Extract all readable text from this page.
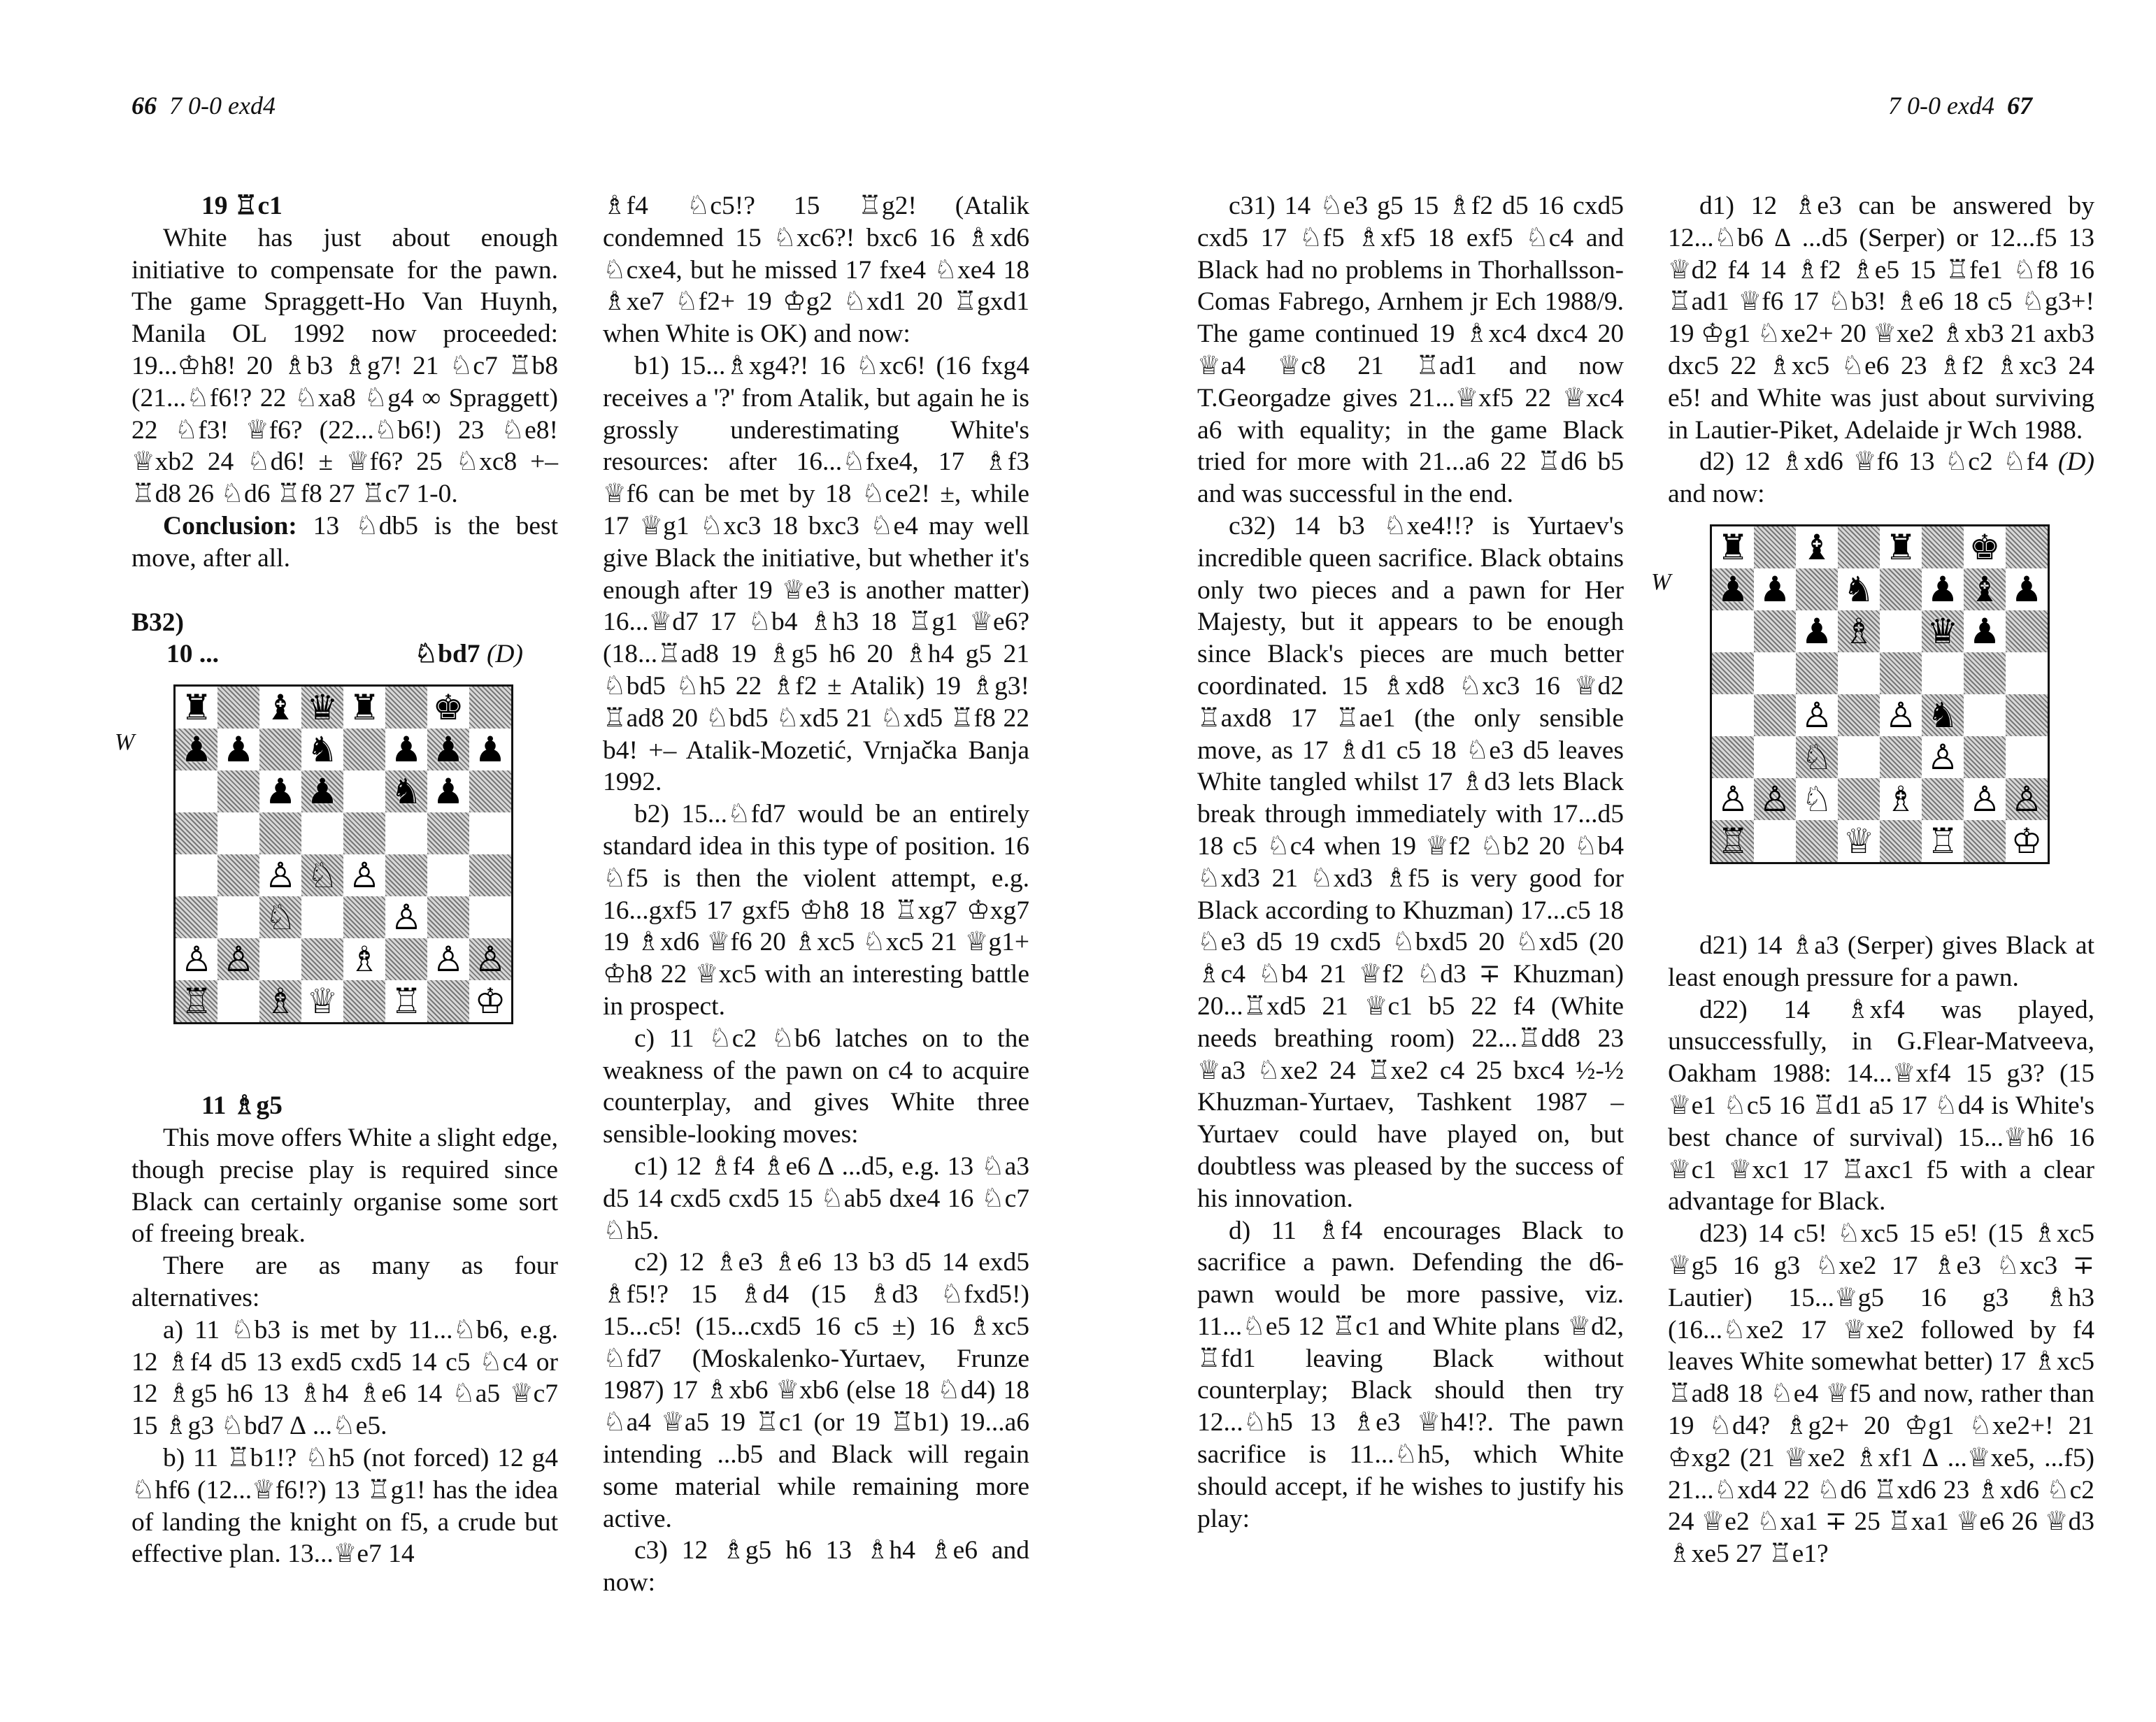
66 7 0-0 exd4	7 0-0 exd4 67

19 ♖c1

White has just about enough initiative to compensate for the pawn. The game Spraggett-Ho Van Huynh, Manila OL 1992 now proceeded: 19...♔h8! 20 ♗b3 ♗g7! 21 ♘c7 ♖b8 (21...♘f6!? 22 ♘xa8 ♘g4 ∞ Spraggett) 22 ♘f3! ♕f6? (22...♘b6!) 23 ♘e8! ♕xb2 24 ♘d6! ± ♕f6? 25 ♘xc8 +– ♖d8 26 ♘d6 ♖f8 27 ♖c7 1-0.

Conclusion: 13 ♘db5 is the best move, after all.

B32)

10 ...	♘bd7 (D)
W
♜ ♝ ♛ ♜ ♚
♟ ♟ ♞ ♟ ♟ ♟
♟ ♟ ♞ ♟
♙ ♘ ♙
♘	♙
♙ ♙	♗ ♙ ♙
♖ ♗ ♕ ♖ ♔

11 ♗g5

This move offers White a slight edge, though precise play is required since Black can certainly organise some sort of freeing break.

There are as many as four alternatives:

a) 11 ♘b3 is met by 11...♘b6, e.g. 12 ♗f4 d5 13 exd5 cxd5 14 c5 ♘c4 or 12 ♗g5 h6 13 ♗h4 ♗e6 14 ♘a5 ♕c7 15 ♗g3 ♘bd7 ∆ ...♘e5.

b) 11 ♖b1!? ♘h5 (not forced) 12 g4 ♘hf6 (12...♕f6!?) 13 ♖g1! has the idea of landing the knight on f5, a crude but effective plan. 13...♕e7 14

♗f4 ♘c5!? 15 ♖g2! (Atalik condemned 15 ♘xc6?! bxc6 16 ♗xd6 ♘cxe4, but he missed 17 fxe4 ♘xe4 18 ♗xe7 ♘f2+ 19 ♔g2 ♘xd1 20 ♖gxd1 when White is OK) and now:

b1) 15...♗xg4?! 16 ♘xc6! (16 fxg4 receives a '?' from Atalik, but again he is grossly underestimating White's resources: after 16...♘fxe4, 17 ♗f3 ♕f6 can be met by 18 ♘ce2! ±, while 17 ♕g1 ♘xc3 18 bxc3 ♘e4 may well give Black the initiative, but whether it's enough after 19 ♕e3 is another matter) 16...♕d7 17 ♘b4 ♗h3 18 ♖g1 ♕e6? (18...♖ad8 19 ♗g5 h6 20 ♗h4 g5 21 ♘bd5 ♘h5 22 ♗f2 ± Atalik) 19 ♗g3! ♖ad8 20 ♘bd5 ♘xd5 21 ♘xd5 ♖f8 22 b4! +– Atalik-Mozetić, Vrnjačka Banja 1992.

b2) 15...♘fd7 would be an entirely standard idea in this type of position. 16 ♘f5 is then the violent attempt, e.g. 16...gxf5 17 gxf5 ♔h8 18 ♖xg7 ♔xg7 19 ♗xd6 ♕f6 20 ♗xc5 ♘xc5 21 ♕g1+ ♔h8 22 ♕xc5 with an interesting battle in prospect.

c) 11 ♘c2 ♘b6 latches on to the weakness of the pawn on c4 to acquire counterplay, and gives White three sensible-looking moves:

c1) 12 ♗f4 ♗e6 ∆ ...d5, e.g. 13 ♘a3 d5 14 cxd5 cxd5 15 ♘ab5 dxe4 16 ♘c7 ♘h5.

c2) 12 ♗e3 ♗e6 13 b3 d5 14 exd5 ♗f5!? 15 ♗d4 (15 ♗d3 ♘fxd5!) 15...c5! (15...cxd5 16 c5 ±) 16 ♗xc5 ♘fd7 (Moskalenko-Yurtaev, Frunze 1987) 17 ♗xb6 ♕xb6 (else 18 ♘d4) 18 ♘a4 ♕a5 19 ♖c1 (or 19 ♖b1) 19...a6 intending ...b5 and Black will regain some material while remaining more active.

c3) 12 ♗g5 h6 13 ♗h4 ♗e6 and now:

c31) 14 ♘e3 g5 15 ♗f2 d5 16 cxd5 cxd5 17 ♘f5 ♗xf5 18 exf5 ♘c4 and Black had no problems in Thorhallsson-Comas Fabrego, Arnhem jr Ech 1988/9. The game continued 19 ♗xc4 dxc4 20 ♕a4 ♕c8 21 ♖ad1 and now T.Georgadze gives 21...♕xf5 22 ♕xc4 a6 with equality; in the game Black tried for more with 21...a6 22 ♖d6 b5 and was successful in the end.

c32) 14 b3 ♘xe4!!? is Yurtaev's incredible queen sacrifice. Black obtains only two pieces and a pawn for Her Majesty, but it appears to be enough since Black's pieces are much better coordinated. 15 ♗xd8 ♘xc3 16 ♕d2 ♖axd8 17 ♖ae1 (the only sensible move, as 17 ♗d1 c5 18 ♘e3 d5 leaves White tangled whilst 17 ♗d3 lets Black break through immediately with 17...d5 18 c5 ♘c4 when 19 ♕f2 ♘b2 20 ♘b4 ♘xd3 21 ♘xd3 ♗f5 is very good for Black according to Khuzman) 17...c5 18 ♘e3 d5 19 cxd5 ♘bxd5 20 ♘xd5 (20 ♗c4 ♘b4 21 ♕f2 ♘d3 ∓ Khuzman) 20...♖xd5 21 ♕c1 b5 22 f4 (White needs breathing room) 22...♖dd8 23 ♕a3 ♘xe2 24 ♖xe2 c4 25 bxc4 ½-½ Khuzman-Yurtaev, Tashkent 1987 – Yurtaev could have played on, but doubtless was pleased by the success of his innovation.

d) 11 ♗f4 encourages Black to sacrifice a pawn. Defending the d6-pawn would be more passive, viz. 11...♘e5 12 ♖c1 and White plans ♕d2, ♖fd1 leaving Black without counterplay; Black should then try 12...♘h5 13 ♗e3 ♕h4!?. The pawn sacrifice is 11...♘h5, which White should accept, if he wishes to justify his play:

d1) 12 ♗e3 can be answered by 12...♘b6 ∆ ...d5 (Serper) or 12...f5 13 ♕d2 f4 14 ♗f2 ♗e5 15 ♖fe1 ♘f8 16 ♖ad1 ♕f6 17 ♘b3! ♗e6 18 c5 ♘g3+! 19 ♔g1 ♘xe2+ 20 ♕xe2 ♗xb3 21 axb3 dxc5 22 ♗xc5 ♘e6 23 ♗f2 ♗xc3 24 e5! and White was just about surviving in Lautier-Piket, Adelaide jr Wch 1988.

d2) 12 ♗xd6 ♕f6 13 ♘c2 ♘f4 (D) and now:

W
♜ ♝ ♜ ♚
♟ ♟ ♞ ♟ ♝ ♟
♟ ♗ ♛ ♟
♙ ♙ ♞
♘	♙
♙ ♙ ♘ ♗ ♙ ♙
♖	♕ ♖ ♔

d21) 14 ♗a3 (Serper) gives Black at least enough pressure for a pawn.

d22) 14 ♗xf4 was played, unsuccessfully, in G.Flear-Matveeva, Oakham 1988: 14...♕xf4 15 g3? (15 ♕e1 ♘c5 16 ♖d1 a5 17 ♘d4 is White's best chance of survival) 15...♕h6 16 ♕c1 ♕xc1 17 ♖axc1 f5 with a clear advantage for Black.

d23) 14 c5! ♘xc5 15 e5! (15 ♗xc5 ♕g5 16 g3 ♘xe2 17 ♗e3 ♘xc3 ∓ Lautier) 15...♕g5 16 g3 ♗h3 (16...♘xe2 17 ♕xe2 followed by f4 leaves White somewhat better) 17 ♗xc5 ♖ad8 18 ♘e4 ♕f5 and now, rather than 19 ♘d4? ♗g2+ 20 ♔g1 ♘xe2+! 21 ♔xg2 (21 ♕xe2 ♗xf1 ∆ ...♕xe5, ...f5) 21...♘xd4 22 ♘d6 ♖xd6 23 ♗xd6 ♘c2 24 ♕e2 ♘xa1 ∓ 25 ♖xa1 ♕e6 26 ♕d3 ♗xe5 27 ♖e1?
